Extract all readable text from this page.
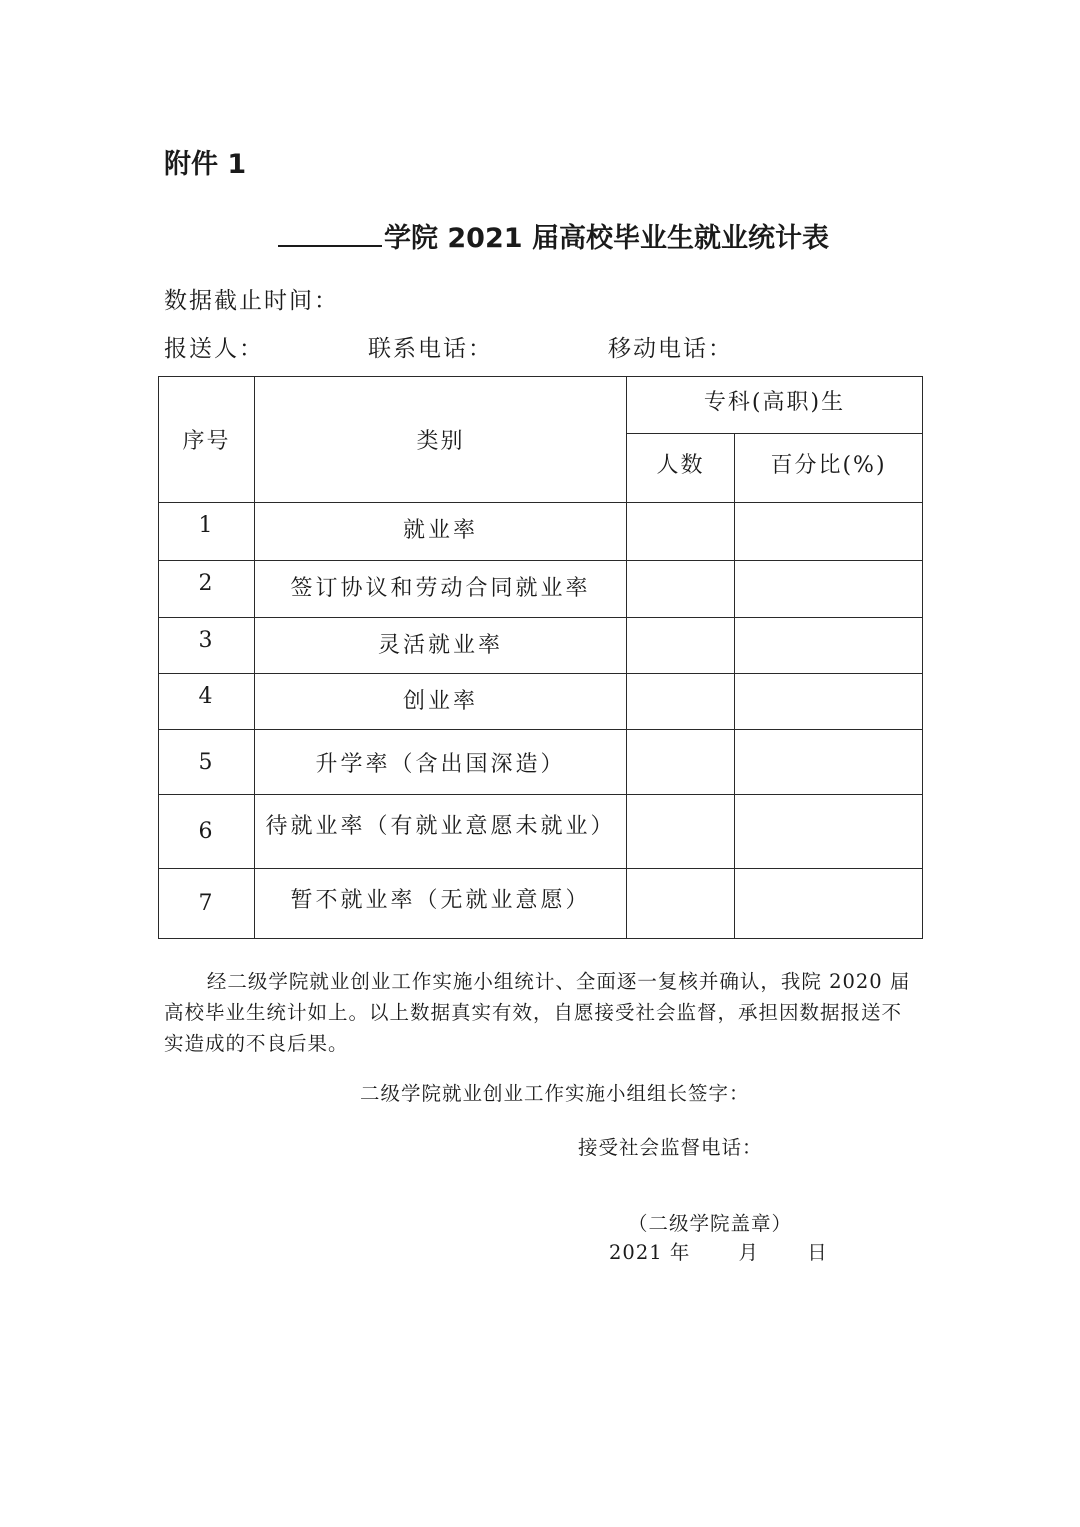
附件 1
学院 2021 届高校毕业生就业统计表
数据截止时间：
报送人：	联系电话：	移动电话：
序号	类别	专科(高职)生	
		人数	百分比(%)
1	就业率		
2	签订协议和劳动合同就业率		
3	灵活就业率		
4	创业率		
5	升学率（含出国深造）		
6	待就业率（有就业意愿未就业）		
7	暂不就业率（无就业意愿）		
经二级学院就业创业工作实施小组统计、全面逐一复核并确认，我院 2020 届高校毕业生统计如上。以上数据真实有效，自愿接受社会监督，承担因数据报送不实造成的不良后果。
二级学院就业创业工作实施小组组长签字：
接受社会监督电话：
（二级学院盖章）
2021 年　　 月　　 日
